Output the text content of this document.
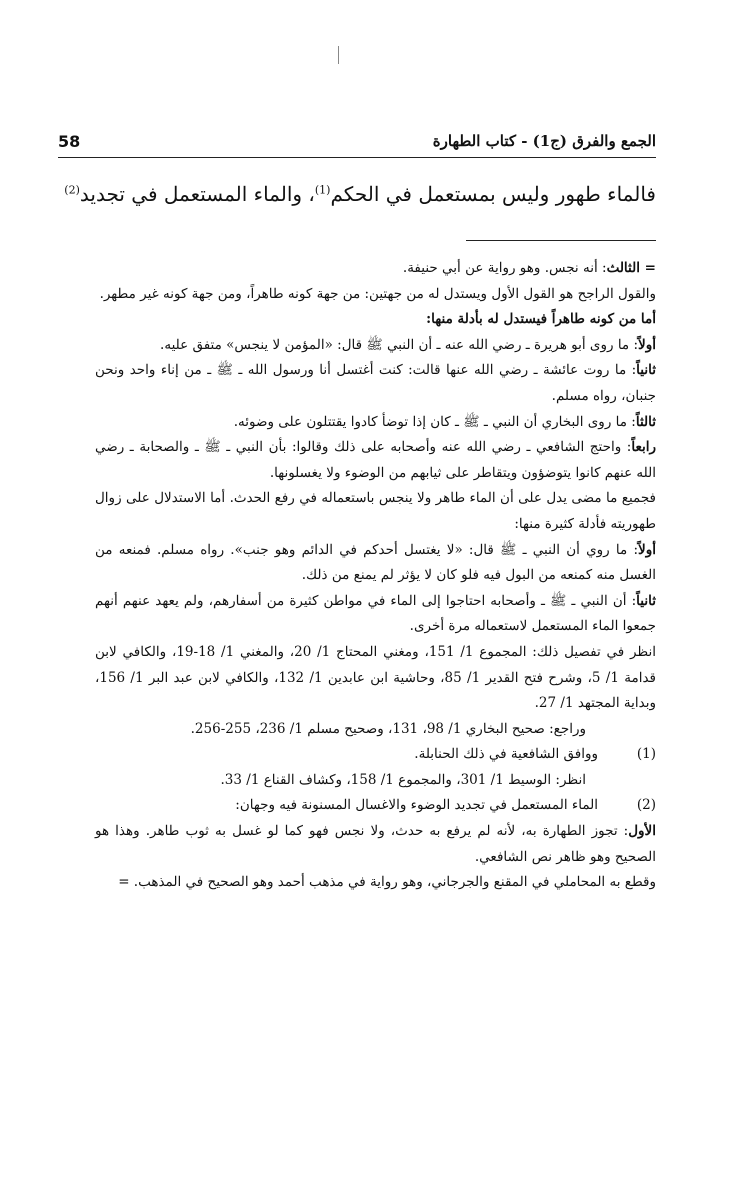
58	الجمع والفرق (ج1) - كتاب الطهارة
فالماء طهور وليس بمستعمل في الحكم$^{(1)}$، والماء المستعمل في تجديد$^{(2)}$

= الثالث: أنه نجس. وهو رواية عن أبي حنيفة.

والقول الراجح هو القول الأول ويستدل له من جهتين: من جهة كونه طاهراً، ومن جهة كونه غير مطهر.

أما من كونه طاهراً فيستدل له بأدلة منها:

أولاً: ما روى أبو هريرة ـ رضي الله عنه ـ أن النبي ﷺ قال: «المؤمن لا ينجس» متفق عليه.

ثانياً: ما روت عائشة ـ رضي الله عنها قالت: كنت أغتسل أنا ورسول الله ـ ﷺ ـ من إناء واحد ونحن جنبان، رواه مسلم.

ثالثاً: ما روى البخاري أن النبي ـ ﷺ ـ كان إذا توضأ كادوا يقتتلون على وضوئه.

رابعاً: واحتج الشافعي ـ رضي الله عنه وأصحابه على ذلك وقالوا: بأن النبي ـ ﷺ ـ والصحابة ـ رضي الله عنهم كانوا يتوضؤون ويتقاطر على ثيابهم من الوضوء ولا يغسلونها.

فجميع ما مضى يدل على أن الماء طاهر ولا ينجس باستعماله في رفع الحدث. أما الاستدلال على زوال طهوريته فأدلة كثيرة منها:

أولاً: ما روي أن النبي ـ ﷺ قال: «لا يغتسل أحدكم في الدائم وهو جنب». رواه مسلم. فمنعه من الغسل منه كمنعه من البول فيه فلو كان لا يؤثر لم يمنع من ذلك.

ثانياً: أن النبي ـ ﷺ ـ وأصحابه احتاجوا إلى الماء في مواطن كثيرة من أسفارهم، ولم يعهد عنهم أنهم جمعوا الماء المستعمل لاستعماله مرة أخرى.

انظر في تفصيل ذلك: المجموع 1/ 151، ومغني المحتاج 1/ 20، والمغني 1/ 18-19، والكافي لابن قدامة 1/ 5، وشرح فتح القدير 1/ 85، وحاشية ابن عابدين 1/ 132، والكافي لابن عبد البر 1/ 156، وبداية المجتهد 1/ 27.

وراجع: صحيح البخاري 1/ 98، 131، وصحيح مسلم 1/ 236، 255-256.

(1)
ووافق الشافعية في ذلك الحنابلة.

انظر: الوسيط 1/ 301، والمجموع 1/ 158، وكشاف القناع 1/ 33.

(2)
الماء المستعمل في تجديد الوضوء والاغسال المسنونة فيه وجهان:

الأول: تجوز الطهارة به، لأنه لم يرفع به حدث، ولا نجس فهو كما لو غسل به ثوب طاهر. وهذا هو الصحيح وهو ظاهر نص الشافعي.

وقطع به المحاملي في المقنع والجرجاني، وهو رواية في مذهب أحمد وهو الصحيح في المذهب. =
